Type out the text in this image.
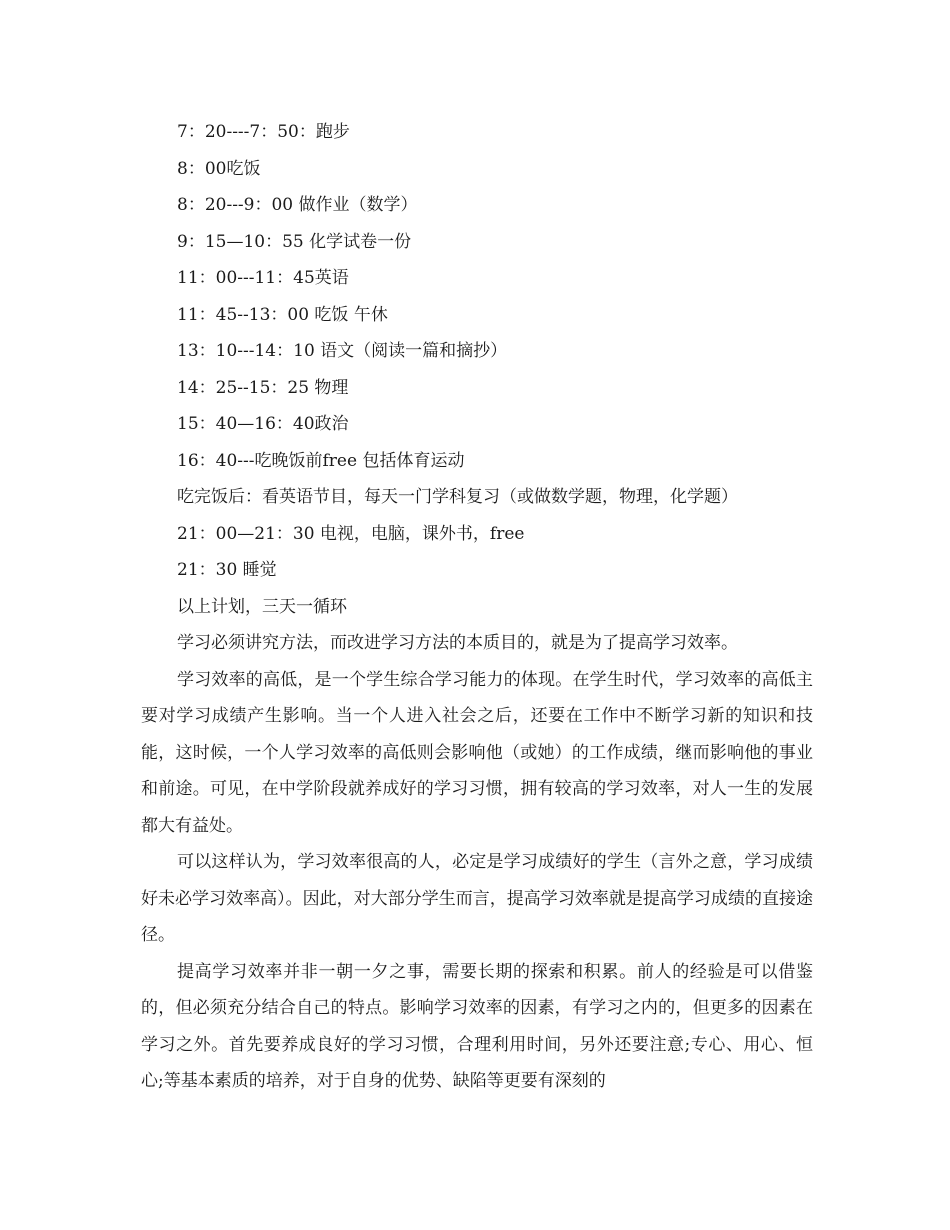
7：20----7：50：跑步

8：00吃饭

8：20---9：00 做作业（数学）

9：15—10：55 化学试卷一份

11：00---11：45英语

11：45--13：00 吃饭 午休

13：10---14：10 语文（阅读一篇和摘抄）

14：25--15：25 物理

15：40—16：40政治

16：40---吃晚饭前free 包括体育运动

吃完饭后：看英语节目，每天一门学科复习（或做数学题，物理，化学题）

21：00—21：30 电视，电脑，课外书，free

21：30 睡觉

以上计划，三天一循环

学习必须讲究方法，而改进学习方法的本质目的，就是为了提高学习效率。

学习效率的高低，是一个学生综合学习能力的体现。在学生时代，学习效率的高低主要对学习成绩产生影响。当一个人进入社会之后，还要在工作中不断学习新的知识和技能，这时候，一个人学习效率的高低则会影响他（或她）的工作成绩，继而影响他的事业和前途。可见，在中学阶段就养成好的学习习惯，拥有较高的学习效率，对人一生的发展都大有益处。

可以这样认为，学习效率很高的人，必定是学习成绩好的学生（言外之意，学习成绩好未必学习效率高）。因此，对大部分学生而言，提高学习效率就是提高学习成绩的直接途径。

提高学习效率并非一朝一夕之事，需要长期的探索和积累。前人的经验是可以借鉴的，但必须充分结合自己的特点。影响学习效率的因素，有学习之内的，但更多的因素在学习之外。首先要养成良好的学习习惯，合理利用时间，另外还要注意;专心、用心、恒心;等基本素质的培养，对于自身的优势、缺陷等更要有深刻的
